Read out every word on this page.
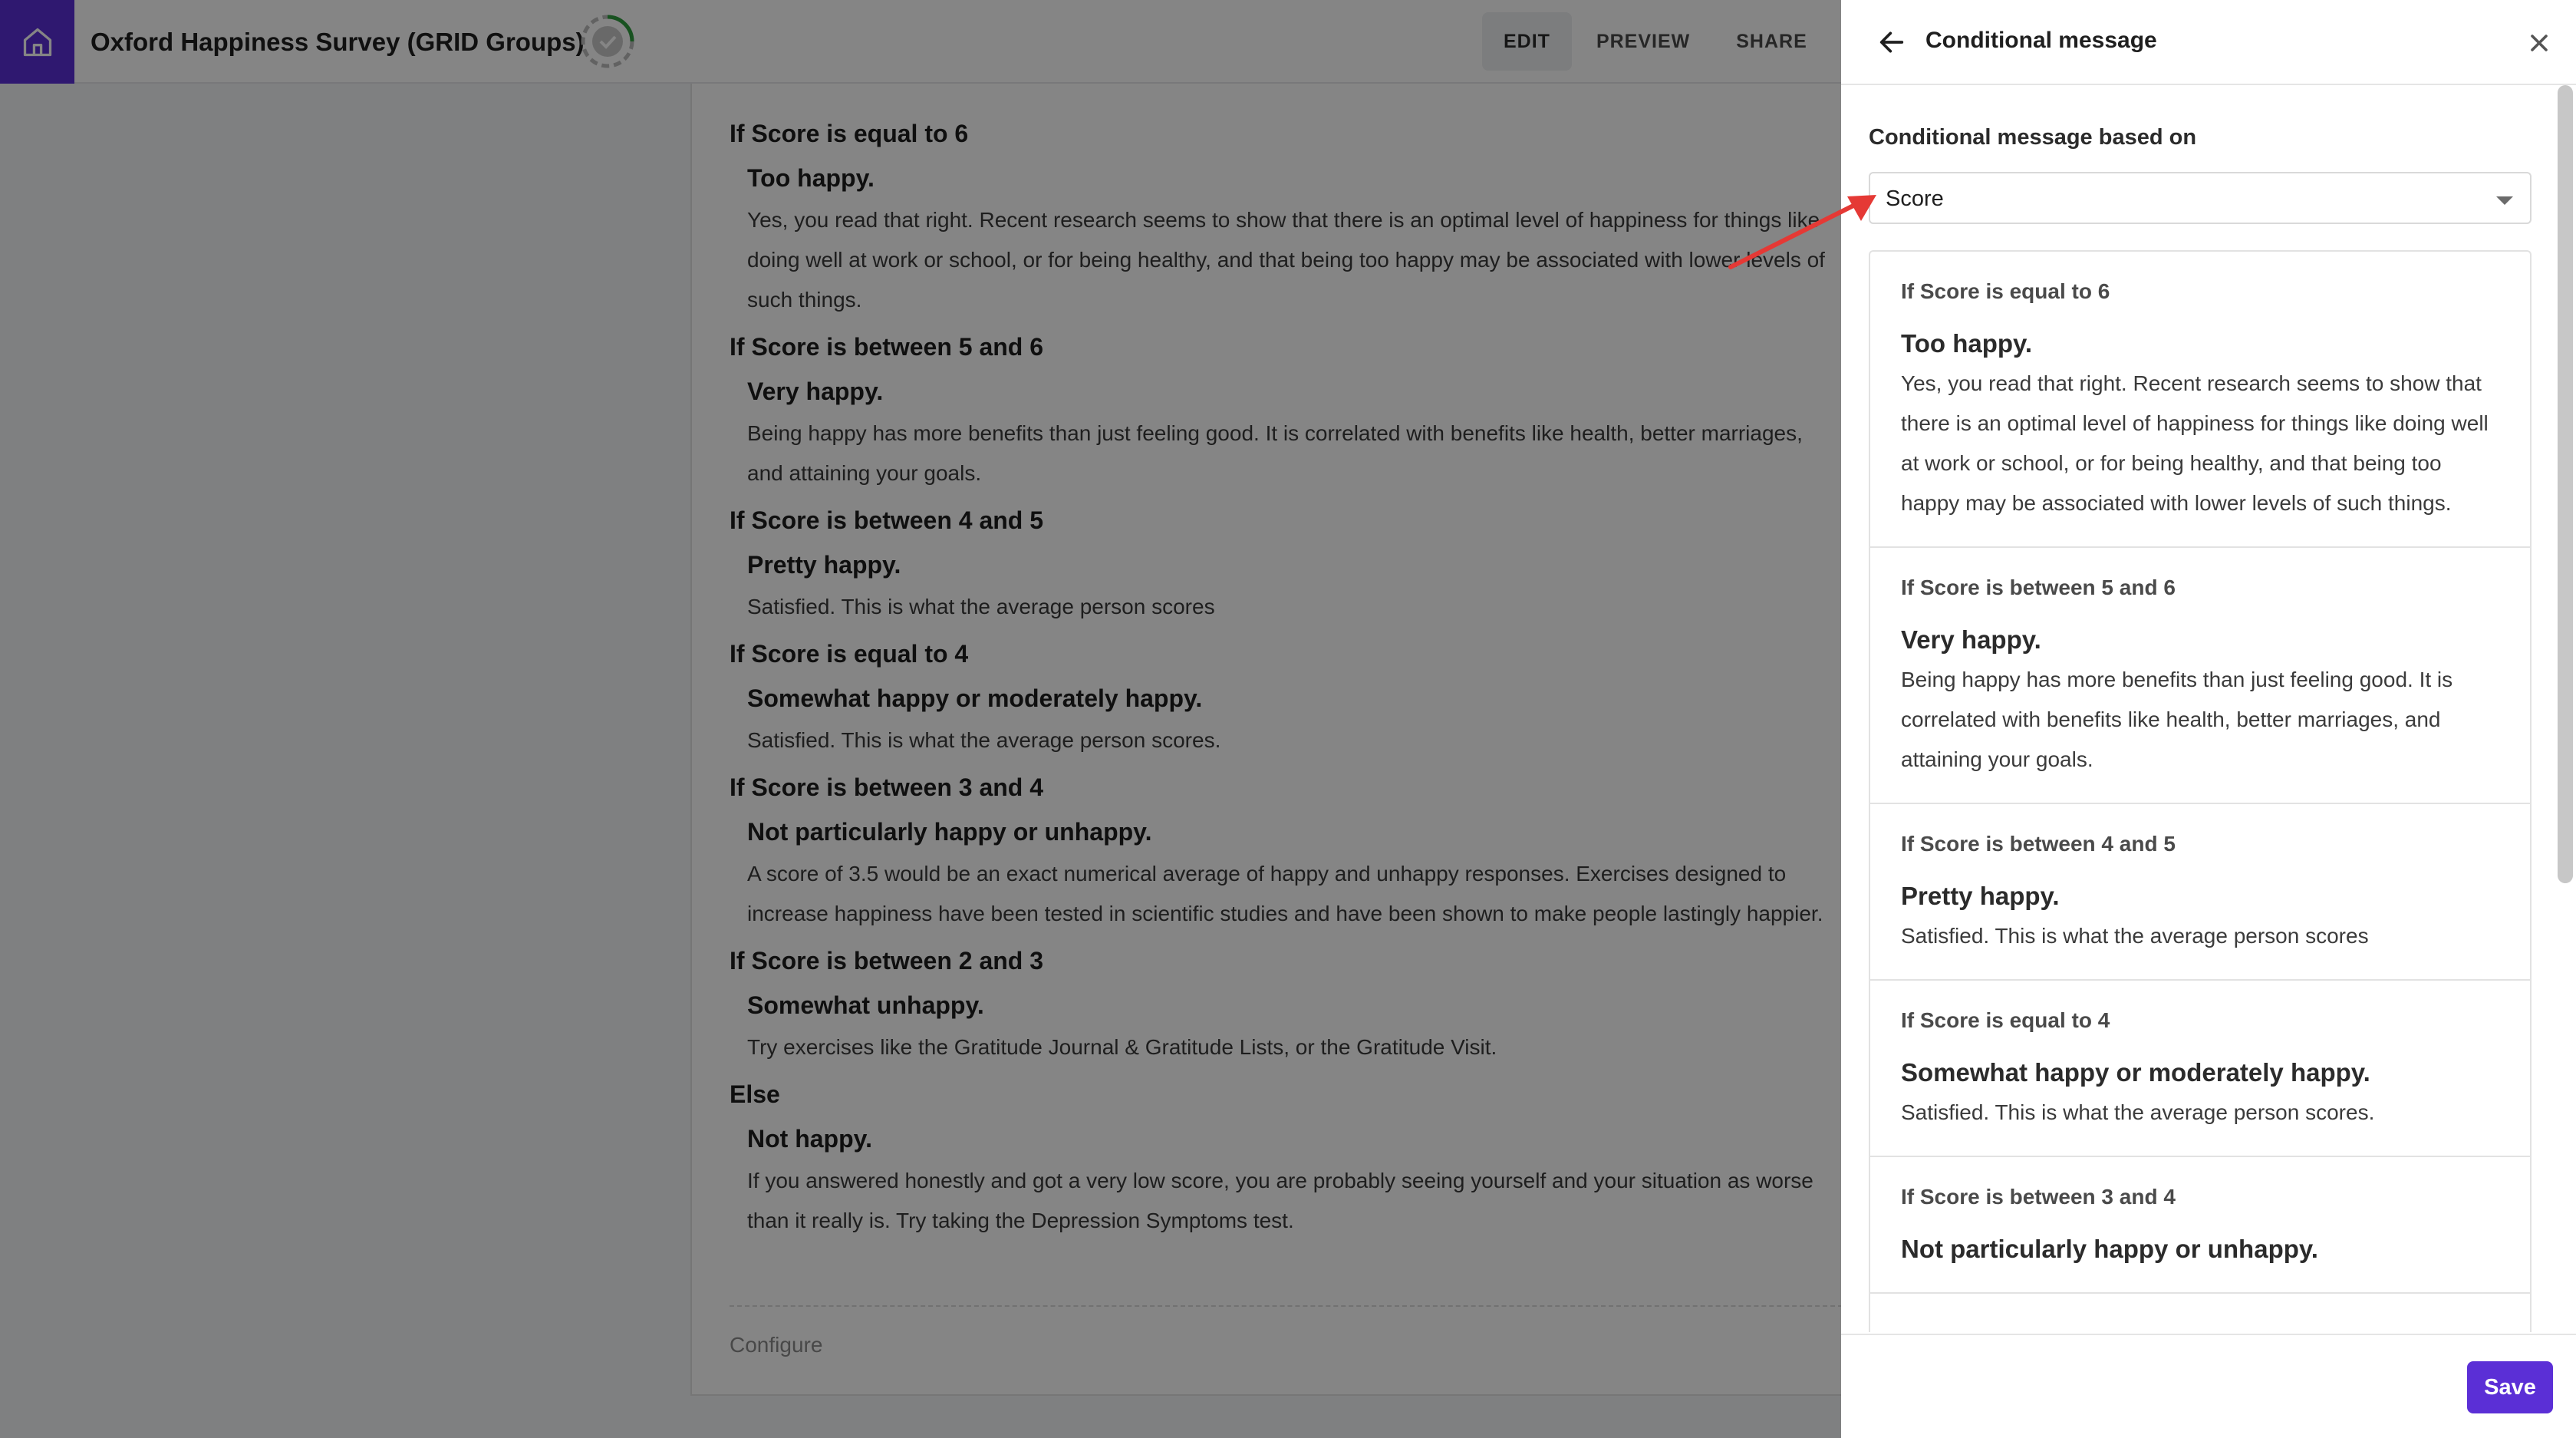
Oxford Happiness Survey (GRID Groups)	EDIT	PREVIEW	SHARE
If Score is equal to 6
Too happy.
Yes, you read that right. Recent research seems to show that there is an optimal level of happiness for things like doing well at work or school, or for being healthy, and that being too happy may be associated with lower levels of such things.
If Score is between 5 and 6
Very happy.
Being happy has more benefits than just feeling good. It is correlated with benefits like health, better marriages, and attaining your goals.
If Score is between 4 and 5
Pretty happy.
Satisfied. This is what the average person scores
If Score is equal to 4
Somewhat happy or moderately happy.
Satisfied. This is what the average person scores.
If Score is between 3 and 4
Not particularly happy or unhappy.
A score of 3.5 would be an exact numerical average of happy and unhappy responses. Exercises designed to increase happiness have been tested in scientific studies and have been shown to make people lastingly happier.
If Score is between 2 and 3
Somewhat unhappy.
Try exercises like the Gratitude Journal & Gratitude Lists, or the Gratitude Visit.
Else
Not happy.
If you answered honestly and got a very low score, you are probably seeing yourself and your situation as worse than it really is. Try taking the Depression Symptoms test.
Configure
Conditional message
Conditional message based on
Score
If Score is equal to 6
Too happy.
Yes, you read that right. Recent research seems to show that there is an optimal level of happiness for things like doing well at work or school, or for being healthy, and that being too happy may be associated with lower levels of such things.
If Score is between 5 and 6
Very happy.
Being happy has more benefits than just feeling good. It is correlated with benefits like health, better marriages, and attaining your goals.
If Score is between 4 and 5
Pretty happy.
Satisfied. This is what the average person scores
If Score is equal to 4
Somewhat happy or moderately happy.
Satisfied. This is what the average person scores.
If Score is between 3 and 4
Not particularly happy or unhappy.
Save
